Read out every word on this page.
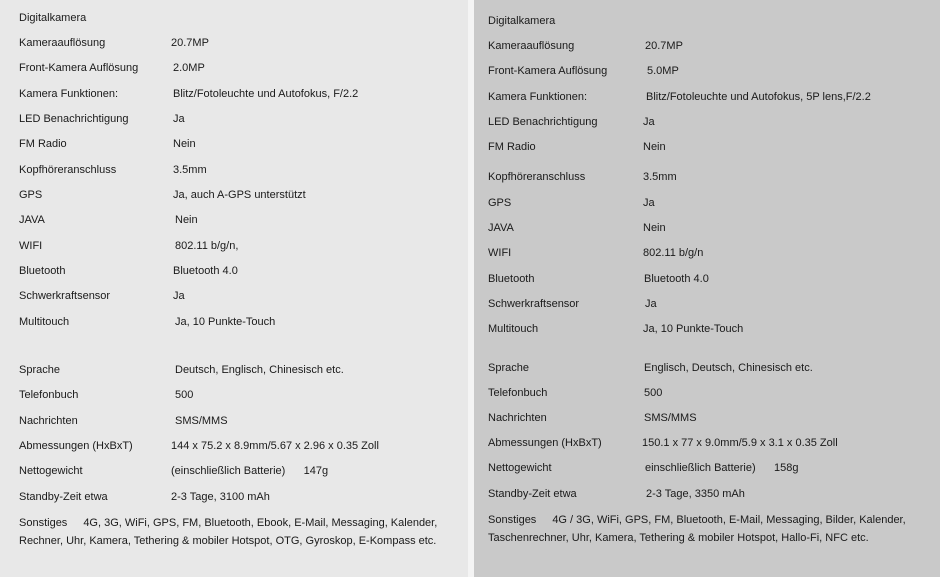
Digitalkamera
Kameraauflösung	20.7MP
Front-Kamera Auflösung	2.0MP
Kamera Funktionen:	Blitz/Fotoleuchte und Autofokus, F/2.2
LED Benachrichtigung	Ja
FM Radio	Nein
Kopfhöreranschluss	3.5mm
GPS	Ja, auch A-GPS unterstützt
JAVA	Nein
WIFI	802.11 b/g/n,
Bluetooth	Bluetooth 4.0
Schwerkraftsensor	Ja
Multitouch	Ja, 10 Punkte-Touch
Sprache	Deutsch, Englisch, Chinesisch etc.
Telefonbuch	500
Nachrichten	SMS/MMS
Abmessungen (HxBxT)	144 x 75.2 x 8.9mm/5.67 x 2.96 x 0.35 Zoll
Nettogewicht	(einschließlich Batterie)      147g
Standby-Zeit etwa	2-3 Tage, 3100 mAh
Sonstiges 4G, 3G, WiFi, GPS, FM, Bluetooth, Ebook, E-Mail, Messaging, Kalender, Rechner, Uhr, Kamera, Tethering & mobiler Hotspot, OTG, Gyroskop, E-Kompass etc.
Digitalkamera
Kameraauflösung	20.7MP
Front-Kamera Auflösung	5.0MP
Kamera Funktionen:	Blitz/Fotoleuchte und Autofokus, 5P lens,F/2.2
LED Benachrichtigung	Ja
FM Radio	Nein
Kopfhöreranschluss	3.5mm
GPS	Ja
JAVA	Nein
WIFI	802.11 b/g/n
Bluetooth	Bluetooth 4.0
Schwerkraftsensor	Ja
Multitouch	Ja, 10 Punkte-Touch
Sprache	Englisch, Deutsch, Chinesisch etc.
Telefonbuch	500
Nachrichten	SMS/MMS
Abmessungen (HxBxT)	150.1 x 77 x 9.0mm/5.9 x 3.1 x 0.35 Zoll
Nettogewicht	einschließlich Batterie)      158g
Standby-Zeit etwa	2-3 Tage, 3350 mAh
Sonstiges 4G / 3G, WiFi, GPS, FM, Bluetooth, E-Mail, Messaging, Bilder, Kalender, Taschenrechner, Uhr, Kamera, Tethering & mobiler Hotspot, Hallo-Fi, NFC etc.
